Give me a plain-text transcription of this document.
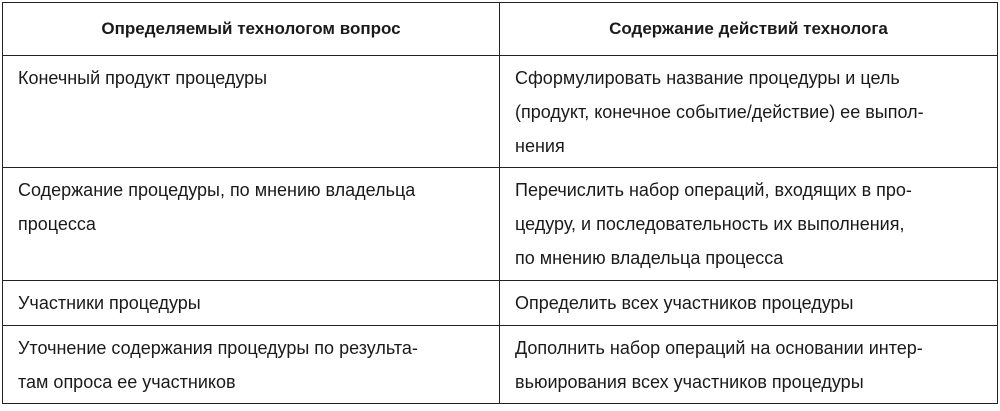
Определяемый технологом вопрос	Содержание действий технолога

Конечный продукт процедуры	Сформулировать название процедуры и цель
(продукт, конечное событие/действие) ее выпол-
нения

Содержание процедуры, по мнению владельца
процесса	Перечислить набор операций, входящих в про-
цедуру, и последовательность их выполнения,
по мнению владельца процесса

Участники процедуры	Определить всех участников процедуры

Уточнение содержания процедуры по результа-
там опроса ее участников	Дополнить набор операций на основании интер-
вьюирования всех участников процедуры
